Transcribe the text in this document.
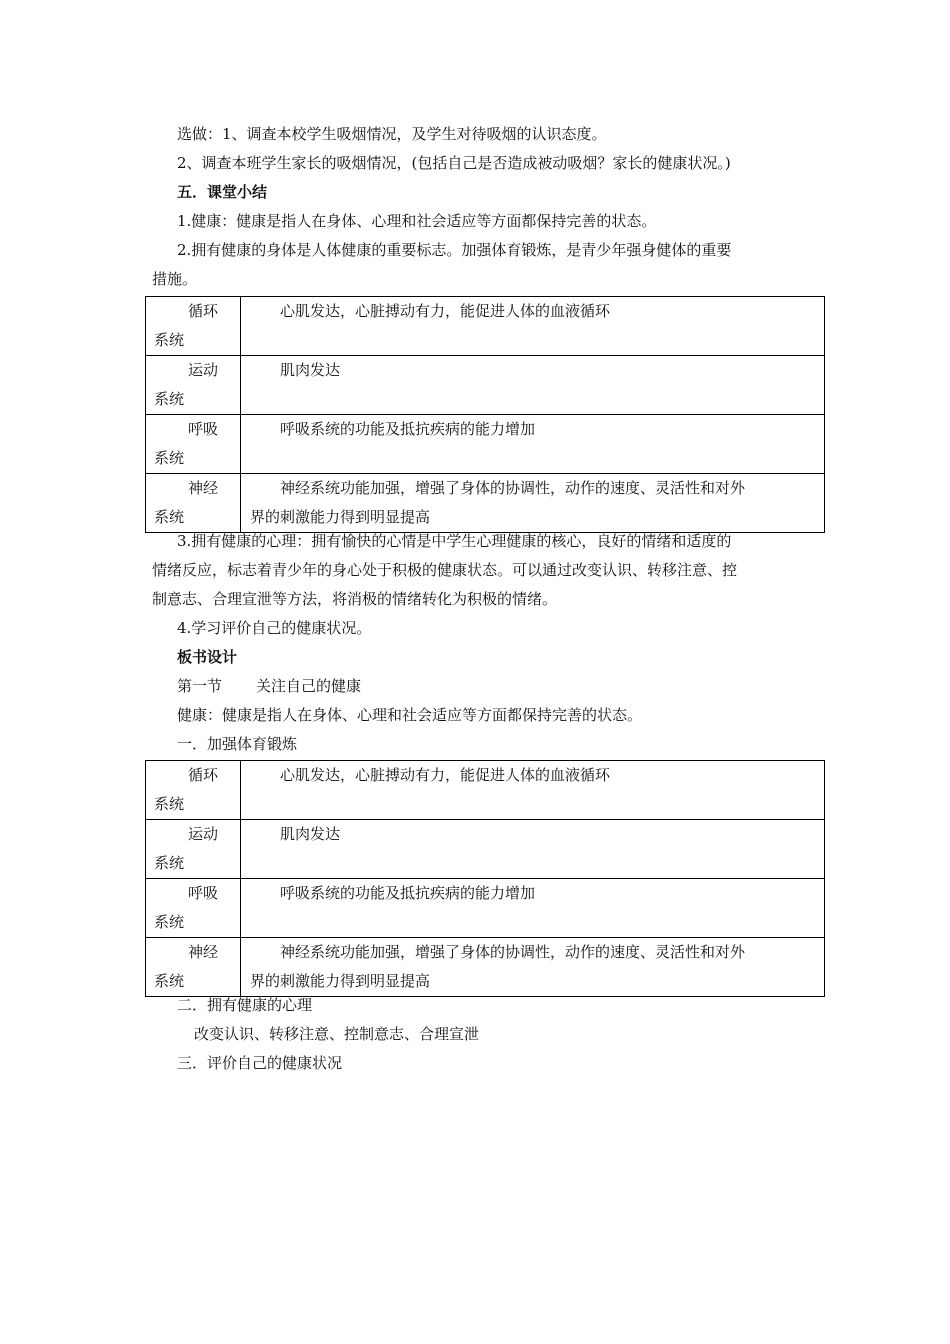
选做：1、调查本校学生吸烟情况，及学生对待吸烟的认识态度。
2、调查本班学生家长的吸烟情况，(包括自己是否造成被动吸烟？家长的健康状况。)
五．课堂小结
1.健康：健康是指人在身体、心理和社会适应等方面都保持完善的状态。
2.拥有健康的身体是人体健康的重要标志。加强体育锻炼，是青少年强身健体的重要
措施。
循环
系统	心肌发达，心脏搏动有力，能促进人体的血液循环

运动
系统	肌肉发达

呼吸
系统	呼吸系统的功能及抵抗疾病的能力增加

神经
系统	神经系统功能加强，增强了身体的协调性，动作的速度、灵活性和对外
界的刺激能力得到明显提高
3.拥有健康的心理：拥有愉快的心情是中学生心理健康的核心，良好的情绪和适度的
情绪反应，标志着青少年的身心处于积极的健康状态。可以通过改变认识、转移注意、控
制意志、合理宣泄等方法，将消极的情绪转化为积极的情绪。
4.学习评价自己的健康状况。
板书设计
第一节 关注自己的健康
健康：健康是指人在身体、心理和社会适应等方面都保持完善的状态。
一．加强体育锻炼
循环
系统	心肌发达，心脏搏动有力，能促进人体的血液循环

运动
系统	肌肉发达

呼吸
系统	呼吸系统的功能及抵抗疾病的能力增加

神经
系统	神经系统功能加强，增强了身体的协调性，动作的速度、灵活性和对外
界的刺激能力得到明显提高
二．拥有健康的心理
改变认识、转移注意、控制意志、合理宣泄
三．评价自己的健康状况
